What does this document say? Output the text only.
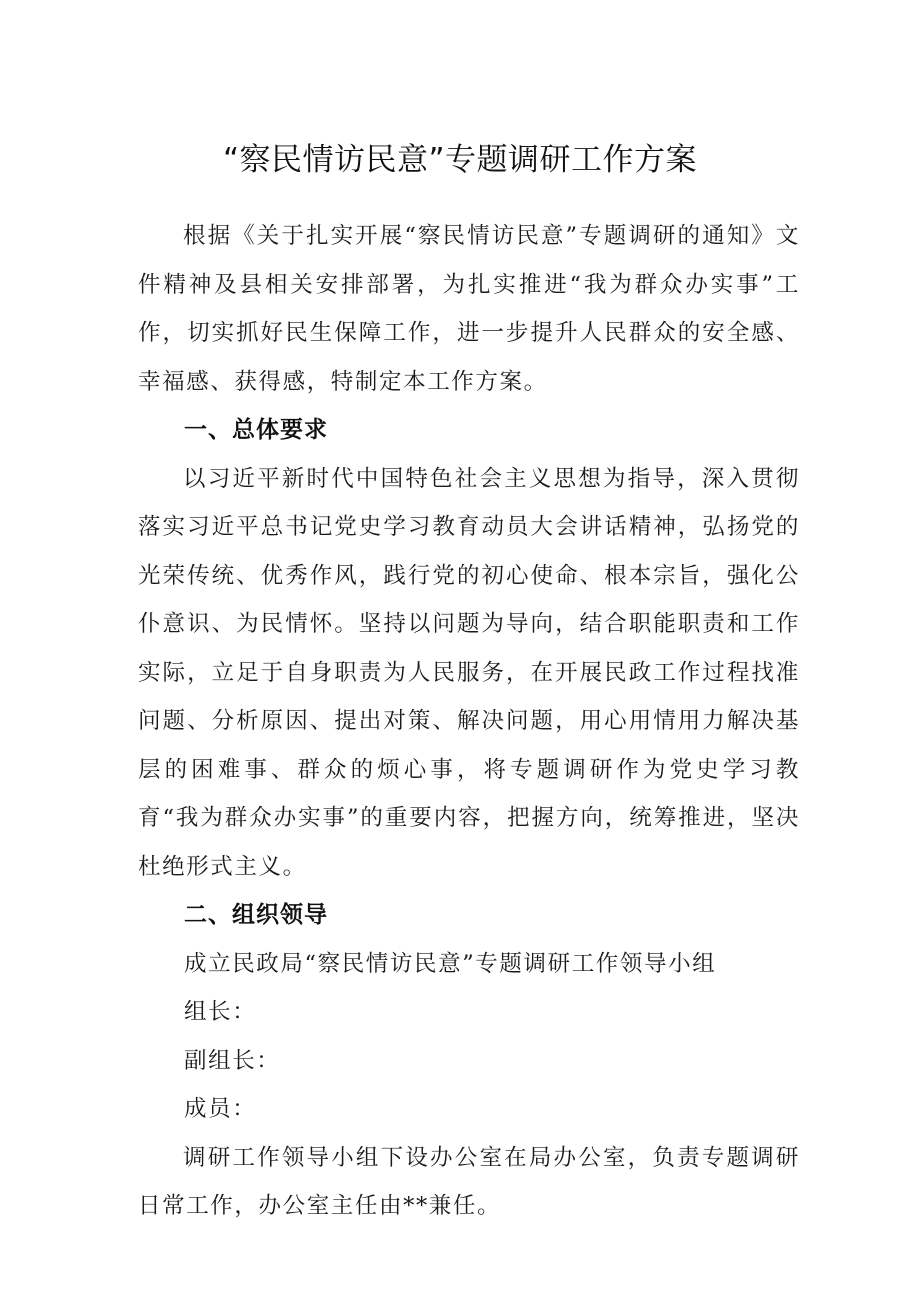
“察民情访民意”专题调研工作方案

根据《关于扎实开展“察民情访民意”专题调研的通知》文件精神及县相关安排部署，为扎实推进“我为群众办实事”工作，切实抓好民生保障工作，进一步提升人民群众的安全感、幸福感、获得感，特制定本工作方案。

一、总体要求

以习近平新时代中国特色社会主义思想为指导，深入贯彻落实习近平总书记党史学习教育动员大会讲话精神，弘扬党的光荣传统、优秀作风，践行党的初心使命、根本宗旨，强化公仆意识、为民情怀。坚持以问题为导向，结合职能职责和工作实际，立足于自身职责为人民服务，在开展民政工作过程找准问题、分析原因、提出对策、解决问题，用心用情用力解决基层的困难事、群众的烦心事，将专题调研作为党史学习教育“我为群众办实事”的重要内容，把握方向，统筹推进，坚决杜绝形式主义。

二、组织领导

成立民政局“察民情访民意”专题调研工作领导小组

组长：

副组长：

成员：

调研工作领导小组下设办公室在局办公室，负责专题调研日常工作，办公室主任由**兼任。
